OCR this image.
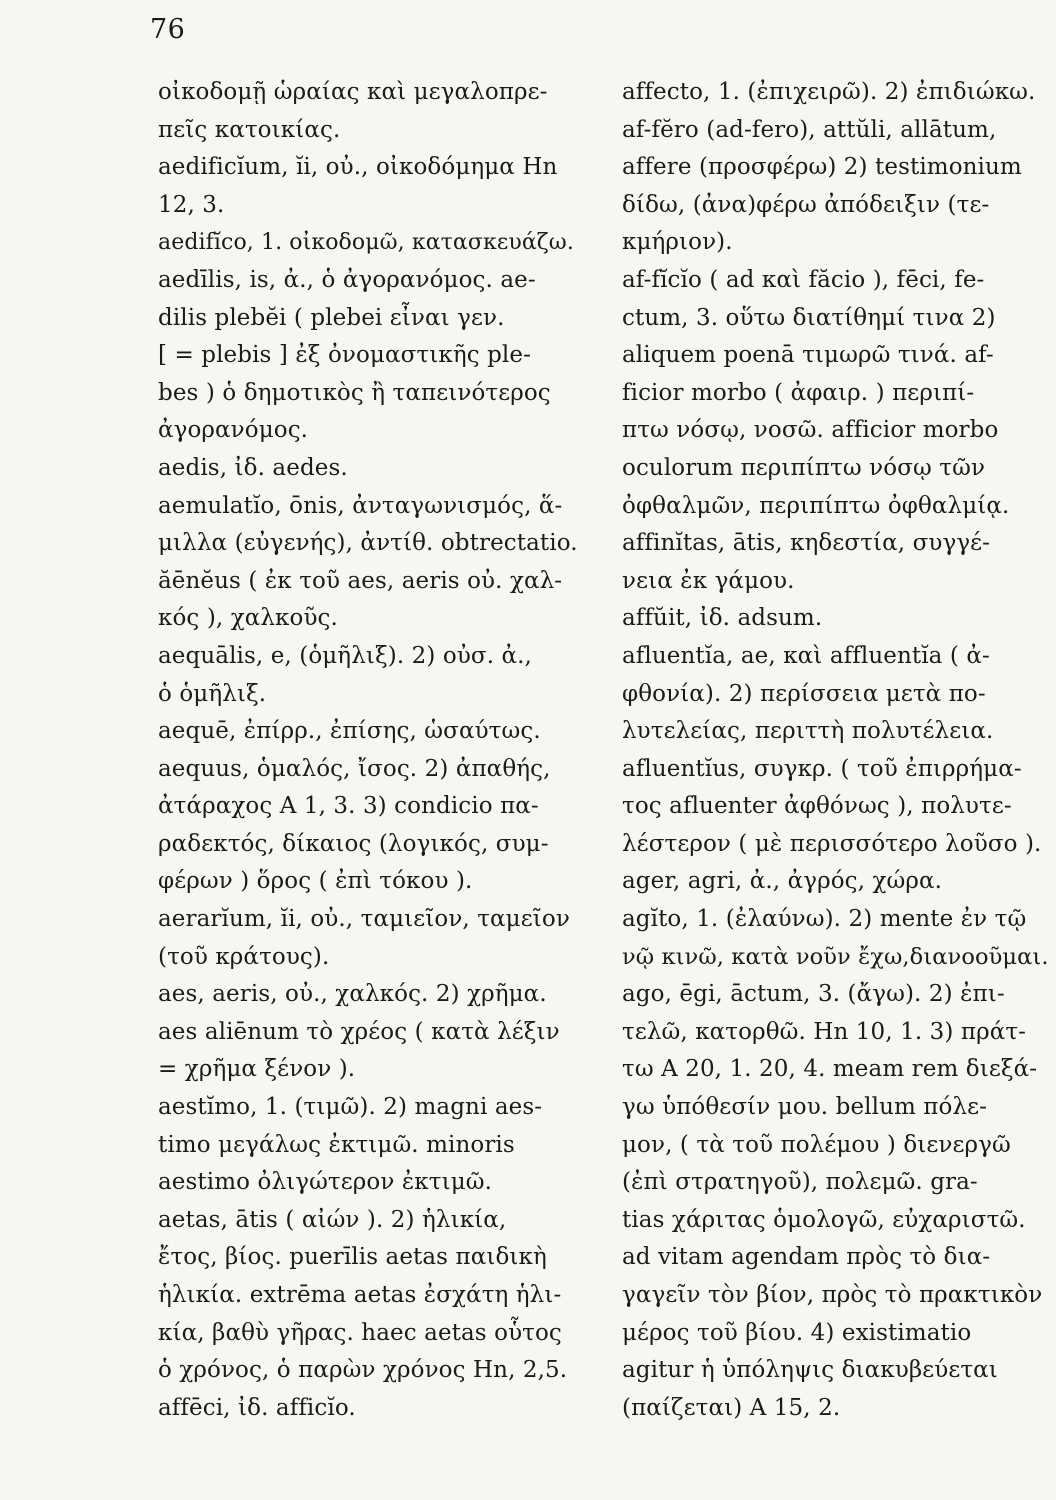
76
οἰκοδομῇ ὡραίας καὶ μεγαλοπρε-
πεῖς κατοικίας.
aedificĭum, ĭi, οὐ., οἰκοδόμημα Hn
12, 3.
aedifĭco, 1. οἰκοδομῶ, κατασκευάζω.
aedīlis, is, ἀ., ὁ ἀγορανόμος. ae-
dilis plebĕi ( plebei εἶναι γεν.
[ = plebis ] ἐξ ὀνομαστικῆς ple-
bes ) ὁ δημοτικὸς ἢ ταπεινότερος
ἀγορανόμος.
aedis, ἰδ. aedes.
aemulatĭo, ōnis, ἀνταγωνισμός, ἅ-
μιλλα (εὐγενής), ἀντίθ. obtrectatio.
ăēnĕus ( ἐκ τοῦ aes, aeris οὐ. χαλ-
κός ), χαλκοῦς.
aequālis, e, (ὁμῆλιξ). 2) οὐσ. ἀ.,
ὁ ὁμῆλιξ.
aequē, ἐπίρρ., ἐπίσης, ὡσαύτως.
aequus, ὁμαλός, ἴσος. 2) ἀπαθής,
ἀτάραχος Α 1, 3. 3) condicio πα-
ραδεκτός, δίκαιος (λογικός, συμ-
φέρων ) ὅρος ( ἐπὶ τόκου ).
aerarĭum, ĭi, οὐ., ταμιεῖον, ταμεῖον
(τοῦ κράτους).
aes, aeris, οὐ., χαλκός. 2) χρῆμα.
aes aliēnum τὸ χρέος ( κατὰ λέξιν
= χρῆμα ξένον ).
aestĭmo, 1. (τιμῶ). 2) magni aes-
timo μεγάλως ἐκτιμῶ. minoris
aestimo ὀλιγώτερον ἐκτιμῶ.
aetas, ātis ( αἰών ). 2) ἡλικία,
ἔτος, βίος. puerīlis aetas παιδικὴ
ἡλικία. extrēma aetas ἐσχάτη ἡλι-
κία, βαθὺ γῆρας. haec aetas οὗτος
ὁ χρόνος, ὁ παρὼν χρόνος Hn, 2,5.
affēci, ἰδ. afficĭo.
affecto, 1. (ἐπιχειρῶ). 2) ἐπιδιώκω.
af-fĕro (ad-fero), attŭli, allātum,
affere (προσφέρω) 2) testimonium
δίδω, (ἀνα)φέρω ἀπόδειξιν (τε-
κμήριον).
af-fĭcĭo ( ad καὶ făcio ), fēci, fe-
ctum, 3. οὕτω διατίθημί τινα 2)
aliquem poenā τιμωρῶ τινά. af-
ficior morbo ( ἀφαιρ. ) περιπί-
πτω νόσῳ, νοσῶ. afficior morbo
oculorum περιπίπτω νόσῳ τῶν
ὀφθαλμῶν, περιπίπτω ὀφθαλμίᾳ.
affinĭtas, ātis, κηδεστία, συγγέ-
νεια ἐκ γάμου.
affŭit, ἰδ. adsum.
afluentĭa, ae, καὶ affluentĭa ( ἀ-
φθονία). 2) περίσσεια μετὰ πο-
λυτελείας, περιττὴ πολυτέλεια.
afluentĭus, συγκρ. ( τοῦ ἐπιρρήμα-
τος afluenter ἀφθόνως ), πολυτε-
λέστερον ( μὲ περισσότερο λοῦσο ).
ager, agri, ἀ., ἀγρός, χώρα.
agĭto, 1. (ἐλαύνω). 2) mente ἐν τῷ
νῷ κινῶ, κατὰ νοῦν ἔχω,διανοοῦμαι.
ago, ēgi, āctum, 3. (ἄγω). 2) ἐπι-
τελῶ, κατορθῶ. Hn 10, 1. 3) πράτ-
τω Α 20, 1. 20, 4. meam rem διεξά-
γω ὑπόθεσίν μου. bellum πόλε-
μον, ( τὰ τοῦ πολέμου ) διενεργῶ
(ἐπὶ στρατηγοῦ), πολεμῶ. gra-
tias χάριτας ὁμολογῶ, εὐχαριστῶ.
ad vitam agendam πρὸς τὸ δια-
γαγεῖν τὸν βίον, πρὸς τὸ πρακτικὸν
μέρος τοῦ βίου. 4) existimatio
agitur ἡ ὑπόληψις διακυβεύεται
(παίζεται) Α 15, 2.
